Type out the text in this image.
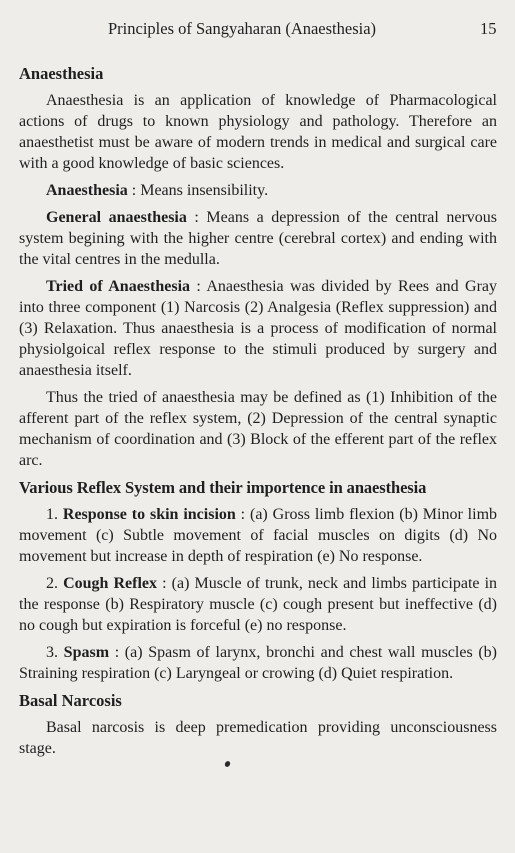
Principles of Sangyaharan (Anaesthesia)	15
Anaesthesia

Anaesthesia is an application of knowledge of Pharmacological actions of drugs to known physiology and pathology. Therefore an anaesthetist must be aware of modern trends in medical and surgical care with a good knowledge of basic sciences.

Anaesthesia : Means insensibility.

General anaesthesia : Means a depression of the central nervous system begining with the higher centre (cerebral cortex) and ending with the vital centres in the medulla.

Tried of Anaesthesia : Anaesthesia was divided by Rees and Gray into three component (1) Narcosis (2) Analgesia (Reflex suppression) and (3) Relaxation. Thus anaesthesia is a process of modification of normal physiolgoical reflex response to the stimuli produced by surgery and anaesthesia itself.

Thus the tried of anaesthesia may be defined as (1) Inhibition of the afferent part of the reflex system, (2) Depression of the central synaptic mechanism of coordination and (3) Block of the efferent part of the reflex arc.

Various Reflex System and their importence in anaesthesia

1. Response to skin incision : (a) Gross limb flexion (b) Minor limb movement (c) Subtle movement of facial muscles on digits (d) No movement but increase in depth of respiration (e) No response.

2. Cough Reflex : (a) Muscle of trunk, neck and limbs participate in the response (b) Respiratory muscle (c) cough present but ineffective (d) no cough but expiration is forceful (e) no response.

3. Spasm : (a) Spasm of larynx, bronchi and chest wall muscles (b) Straining respiration (c) Laryngeal or crowing (d) Quiet respiration.

Basal Narcosis

Basal narcosis is deep premedication providing unconsciousness stage.
